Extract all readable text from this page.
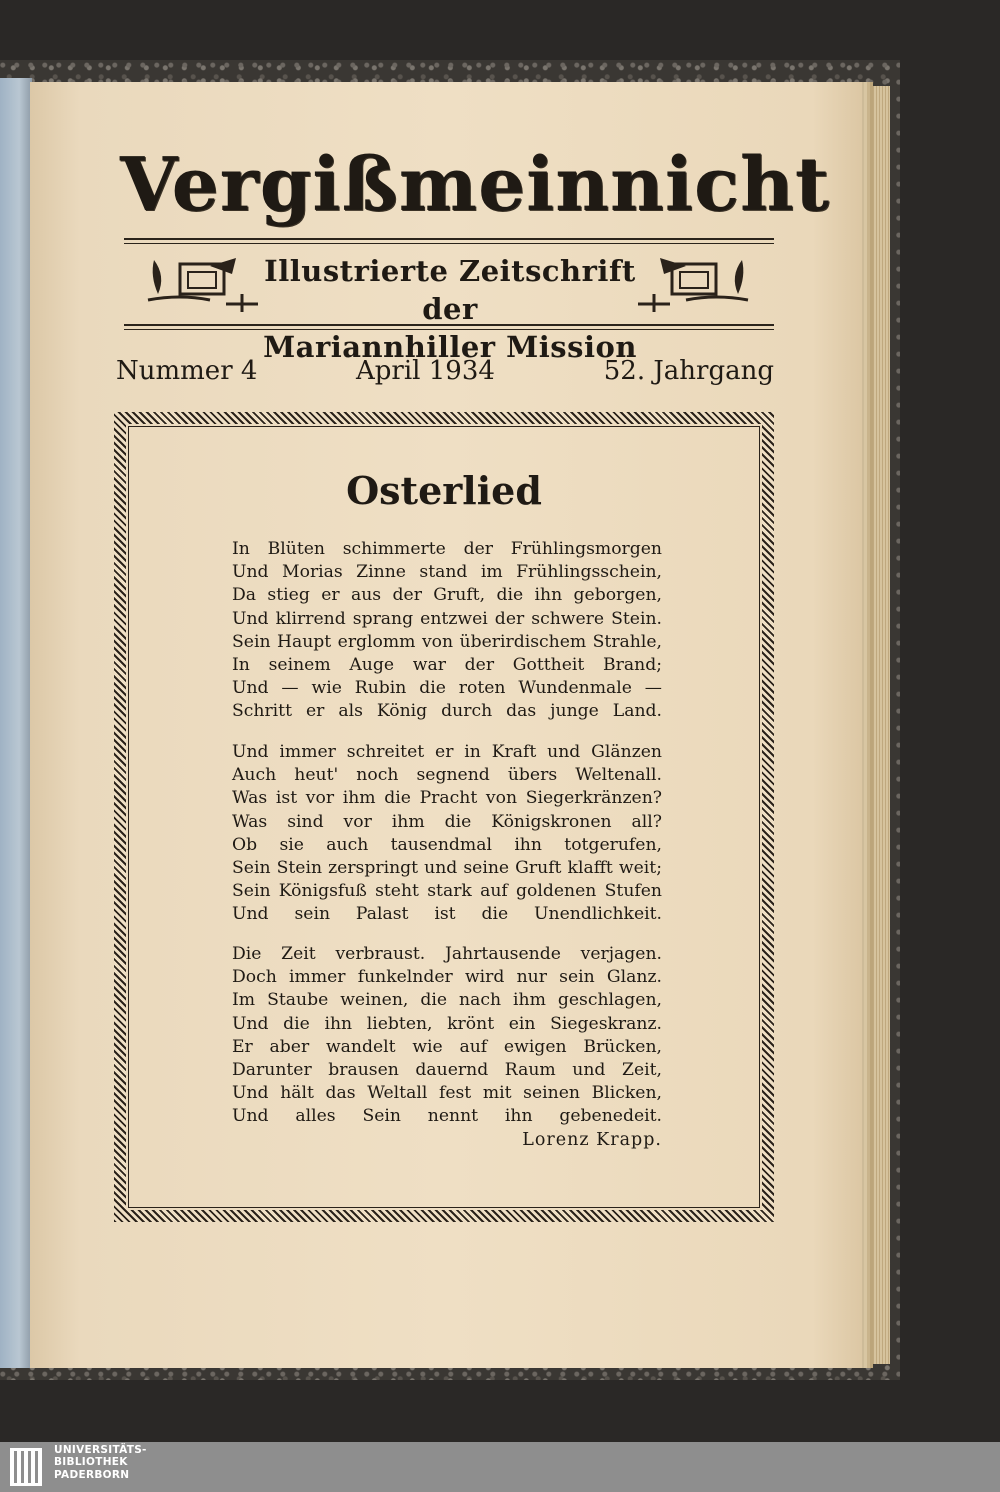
Vergißmeinnicht
Illustrierte Zeitschrift der
Mariannhiller Mission
Nummer 4	April 1934	52. Jahrgang
Osterlied
In Blüten schimmerte der Frühlingsmorgen
Und Morias Zinne stand im Frühlingsschein,
Da stieg er aus der Gruft, die ihn geborgen,
Und klirrend sprang entzwei der schwere Stein.
Sein Haupt erglomm von überirdischem Strahle,
In seinem Auge war der Gottheit Brand;
Und — wie Rubin die roten Wundenmale —
Schritt er als König durch das junge Land.
Und immer schreitet er in Kraft und Glänzen
Auch heut' noch segnend übers Weltenall.
Was ist vor ihm die Pracht von Siegerkränzen?
Was sind vor ihm die Königskronen all?
Ob sie auch tausendmal ihn totgerufen,
Sein Stein zerspringt und seine Gruft klafft weit;
Sein Königsfuß steht stark auf goldenen Stufen
Und sein Palast ist die Unendlichkeit.
Die Zeit verbraust. Jahrtausende verjagen.
Doch immer funkelnder wird nur sein Glanz.
Im Staube weinen, die nach ihm geschlagen,
Und die ihn liebten, krönt ein Siegeskranz.
Er aber wandelt wie auf ewigen Brücken,
Darunter brausen dauernd Raum und Zeit,
Und hält das Weltall fest mit seinen Blicken,
Und alles Sein nennt ihn gebenedeit.
Lorenz Krapp.
UNIVERSITÄTS-
BIBLIOTHEK
PADERBORN
